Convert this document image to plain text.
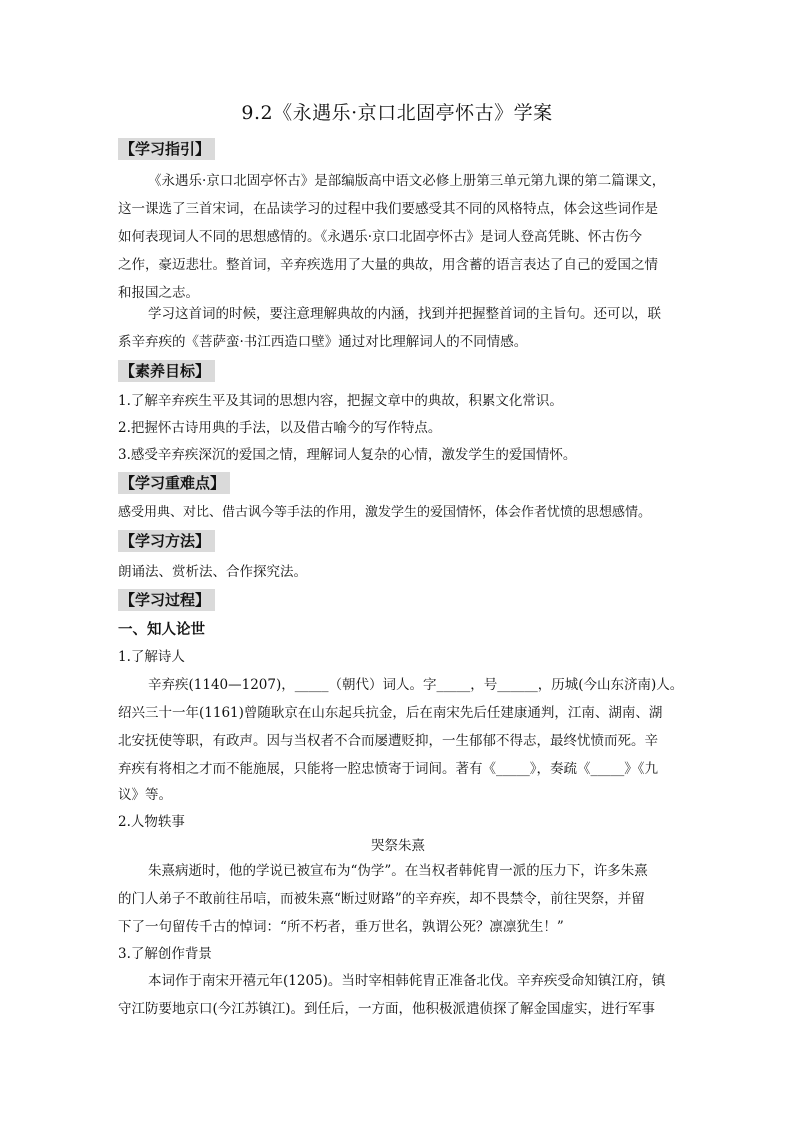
9.2《永遇乐·京口北固亭怀古》学案
【学习指引】
《永遇乐·京口北固亭怀古》是部编版高中语文必修上册第三单元第九课的第二篇课文，
这一课选了三首宋词，在品读学习的过程中我们要感受其不同的风格特点，体会这些词作是
如何表现词人不同的思想感情的。《永遇乐·京口北固亭怀古》是词人登高凭眺、怀古伤今
之作，豪迈悲壮。整首词，辛弃疾选用了大量的典故，用含蓄的语言表达了自己的爱国之情
和报国之志。
学习这首词的时候，要注意理解典故的内涵，找到并把握整首词的主旨句。还可以，联
系辛弃疾的《菩萨蛮·书江西造口壁》通过对比理解词人的不同情感。
【素养目标】
1.了解辛弃疾生平及其词的思想内容，把握文章中的典故，积累文化常识。
2.把握怀古诗用典的手法，以及借古喻今的写作特点。
3.感受辛弃疾深沉的爱国之情，理解词人复杂的心情，激发学生的爱国情怀。
【学习重难点】
感受用典、对比、借古讽今等手法的作用，激发学生的爱国情怀，体会作者忧愤的思想感情。
【学习方法】
朗诵法、赏析法、合作探究法。
【学习过程】
一、知人论世
1.了解诗人
辛弃疾(1140—1207)，_____（朝代）词人。字_____，号______，历城(今山东济南)人。
绍兴三十一年(1161)曾随耿京在山东起兵抗金，后在南宋先后任建康通判，江南、湖南、湖
北安抚使等职，有政声。因与当权者不合而屡遭贬抑，一生郁郁不得志，最终忧愤而死。辛
弃疾有将相之才而不能施展，只能将一腔忠愤寄于词间。著有《_____》，奏疏《_____》《九
议》等。
2.人物轶事
哭祭朱熹
朱熹病逝时，他的学说已被宣布为“伪学”。在当权者韩侂胄一派的压力下，许多朱熹
的门人弟子不敢前往吊唁，而被朱熹“断过财路”的辛弃疾，却不畏禁令，前往哭祭，并留
下了一句留传千古的悼词：“所不朽者，垂万世名，孰谓公死？凛凛犹生！”
3.了解创作背景
本词作于南宋开禧元年(1205)。当时宰相韩侂胄正准备北伐。辛弃疾受命知镇江府，镇
守江防要地京口(今江苏镇江)。到任后，一方面，他积极派遣侦探了解金国虚实，进行军事
